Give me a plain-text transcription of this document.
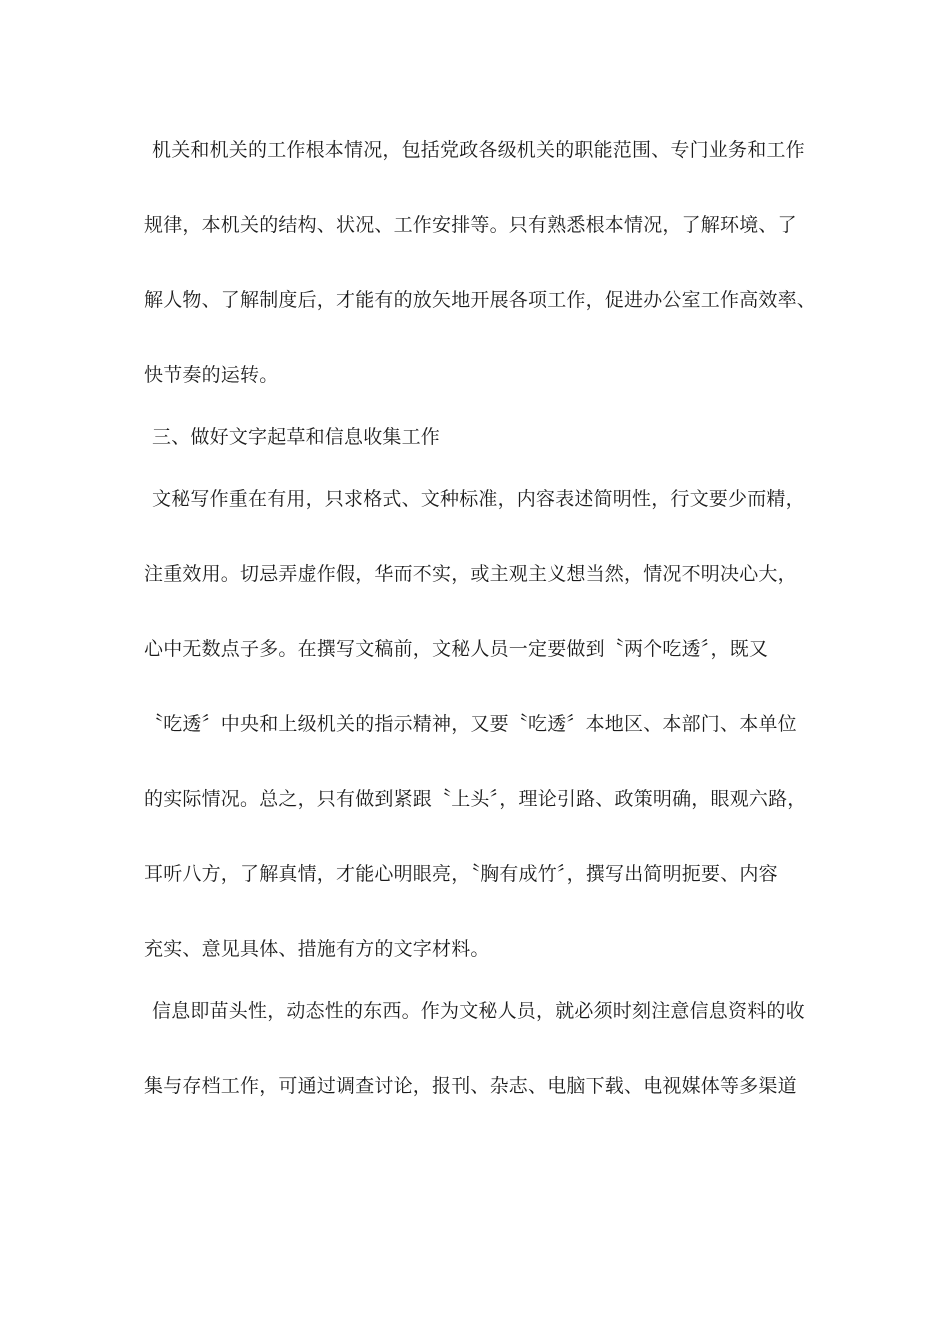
机关和机关的工作根本情况，包括党政各级机关的职能范围、专门业务和工作
规律，本机关的结构、状况、工作安排等。只有熟悉根本情况，了解环境、了
解人物、了解制度后，才能有的放矢地开展各项工作，促进办公室工作高效率、
快节奏的运转。
三、做好文字起草和信息收集工作
文秘写作重在有用，只求格式、文种标准，内容表述简明性，行文要少而精，
注重效用。切忌弄虚作假，华而不实，或主观主义想当然，情况不明决心大，
心中无数点子多。在撰写文稿前，文秘人员一定要做到〝两个吃透〞，既又
〝吃透〞中央和上级机关的指示精神，又要〝吃透〞本地区、本部门、本单位
的实际情况。总之，只有做到紧跟〝上头〞，理论引路、政策明确，眼观六路，
耳听八方，了解真情，才能心明眼亮，〝胸有成竹〞，撰写出简明扼要、内容
充实、意见具体、措施有方的文字材料。
信息即苗头性，动态性的东西。作为文秘人员，就必须时刻注意信息资料的收
集与存档工作，可通过调查讨论，报刊、杂志、电脑下载、电视媒体等多渠道
